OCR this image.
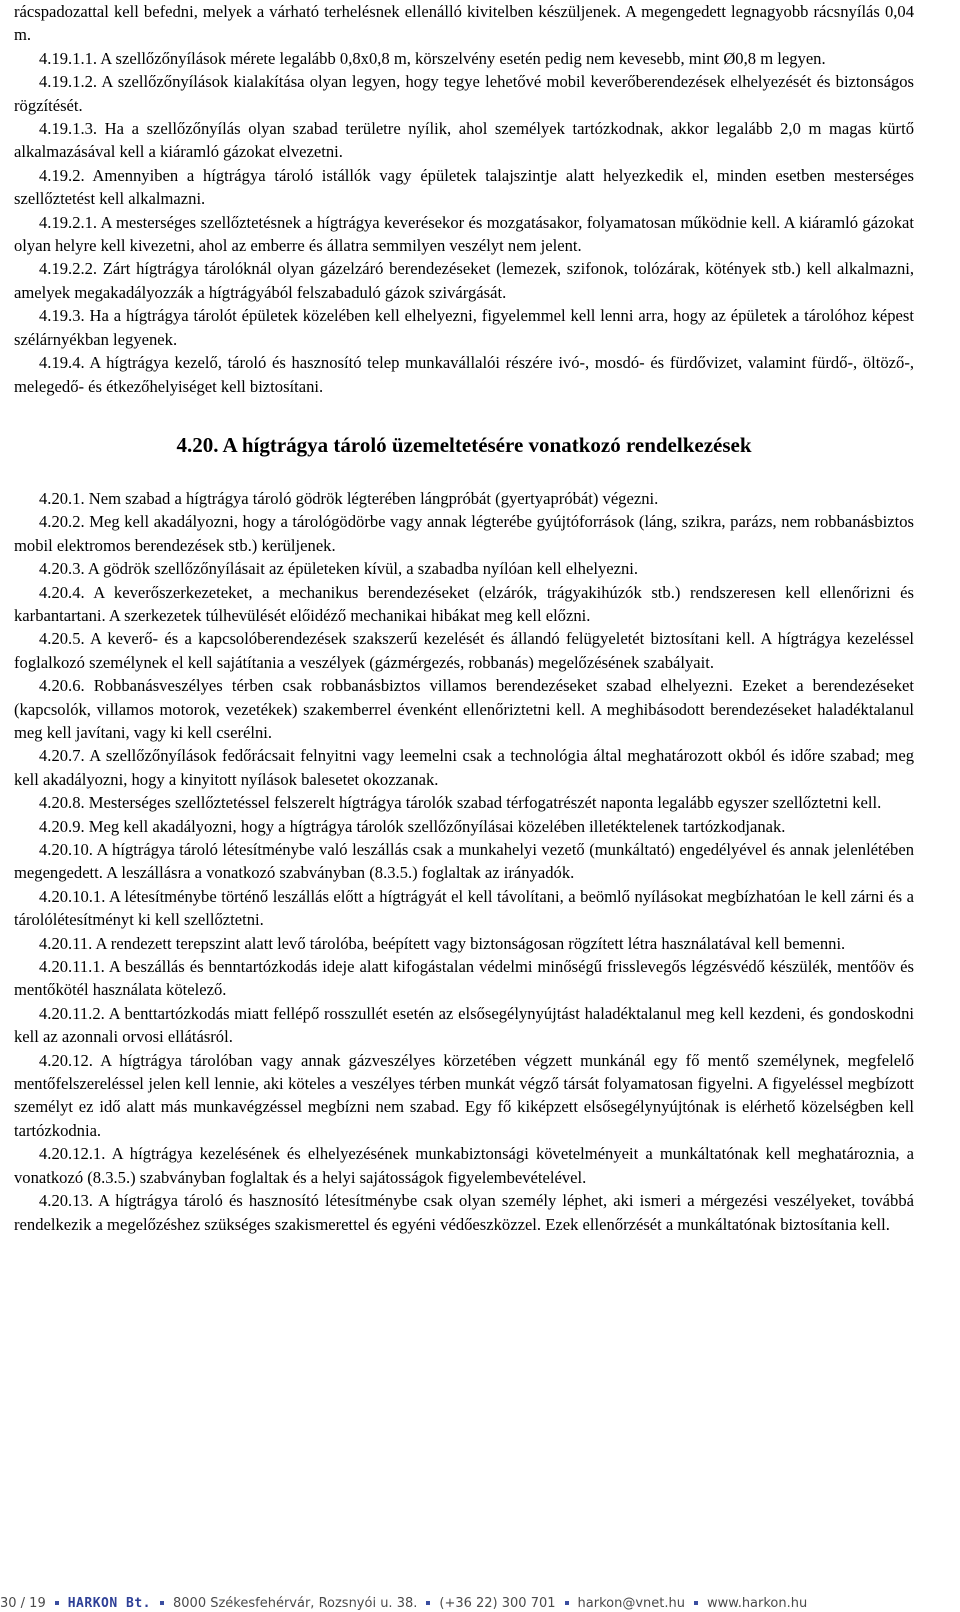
rácspadozattal kell befedni, melyek a várható terhelésnek ellenálló kivitelben készüljenek. A megengedett legnagyobb rácsnyílás 0,04 m.

4.19.1.1. A szellőzőnyílások mérete legalább 0,8x0,8 m, körszelvény esetén pedig nem kevesebb, mint Ø0,8 m legyen.

4.19.1.2. A szellőzőnyílások kialakítása olyan legyen, hogy tegye lehetővé mobil keverőberendezések elhelyezését és biztonságos rögzítését.

4.19.1.3. Ha a szellőzőnyílás olyan szabad területre nyílik, ahol személyek tartózkodnak, akkor legalább 2,0 m magas kürtő alkalmazásával kell a kiáramló gázokat elvezetni.

4.19.2. Amennyiben a hígtrágya tároló istállók vagy épületek talajszintje alatt helyezkedik el, minden esetben mesterséges szellőztetést kell alkalmazni.

4.19.2.1. A mesterséges szellőztetésnek a hígtrágya keverésekor és mozgatásakor, folyamatosan működnie kell. A kiáramló gázokat olyan helyre kell kivezetni, ahol az emberre és állatra semmilyen veszélyt nem jelent.

4.19.2.2. Zárt hígtrágya tárolóknál olyan gázelzáró berendezéseket (lemezek, szifonok, tolózárak, kötények stb.) kell alkalmazni, amelyek megakadályozzák a hígtrágyából felszabaduló gázok szivárgását.

4.19.3. Ha a hígtrágya tárolót épületek közelében kell elhelyezni, figyelemmel kell lenni arra, hogy az épületek a tárolóhoz képest szélárnyékban legyenek.

4.19.4. A hígtrágya kezelő, tároló és hasznosító telep munkavállalói részére ivó-, mosdó- és fürdővizet, valamint fürdő-, öltöző-, melegedő- és étkezőhelyiséget kell biztosítani.

4.20. A hígtrágya tároló üzemeltetésére vonatkozó rendelkezések

4.20.1. Nem szabad a hígtrágya tároló gödrök légterében lángpróbát (gyertyapróbát) végezni.

4.20.2. Meg kell akadályozni, hogy a tárológödörbe vagy annak légterébe gyújtóforrások (láng, szikra, parázs, nem robbanásbiztos mobil elektromos berendezések stb.) kerüljenek.

4.20.3. A gödrök szellőzőnyílásait az épületeken kívül, a szabadba nyílóan kell elhelyezni.

4.20.4. A keverőszerkezeteket, a mechanikus berendezéseket (elzárók, trágyakihúzók stb.) rendszeresen kell ellenőrizni és karbantartani. A szerkezetek túlhevülését előidéző mechanikai hibákat meg kell előzni.

4.20.5. A keverő- és a kapcsolóberendezések szakszerű kezelését és állandó felügyeletét biztosítani kell. A hígtrágya kezeléssel foglalkozó személynek el kell sajátítania a veszélyek (gázmérgezés, robbanás) megelőzésének szabályait.

4.20.6. Robbanásveszélyes térben csak robbanásbiztos villamos berendezéseket szabad elhelyezni. Ezeket a berendezéseket (kapcsolók, villamos motorok, vezetékek) szakemberrel évenként ellenőriztetni kell. A meghibásodott berendezéseket haladéktalanul meg kell javítani, vagy ki kell cserélni.

4.20.7. A szellőzőnyílások fedőrácsait felnyitni vagy leemelni csak a technológia által meghatározott okból és időre szabad; meg kell akadályozni, hogy a kinyitott nyílások balesetet okozzanak.

4.20.8. Mesterséges szellőztetéssel felszerelt hígtrágya tárolók szabad térfogatrészét naponta legalább egyszer szellőztetni kell.

4.20.9. Meg kell akadályozni, hogy a hígtrágya tárolók szellőzőnyílásai közelében illetéktelenek tartózkodjanak.

4.20.10. A hígtrágya tároló létesítménybe való leszállás csak a munkahelyi vezető (munkáltató) engedélyével és annak jelenlétében megengedett. A leszállásra a vonatkozó szabványban (8.3.5.) foglaltak az irányadók.

4.20.10.1. A létesítménybe történő leszállás előtt a hígtrágyát el kell távolítani, a beömlő nyílásokat megbízhatóan le kell zárni és a tárolólétesítményt ki kell szellőztetni.

4.20.11. A rendezett terepszint alatt levő tárolóba, beépített vagy biztonságosan rögzített létra használatával kell bemenni.

4.20.11.1. A beszállás és benntartózkodás ideje alatt kifogástalan védelmi minőségű frisslevegős légzésvédő készülék, mentőöv és mentőkötél használata kötelező.

4.20.11.2. A benttartózkodás miatt fellépő rosszullét esetén az elsősegélynyújtást haladéktalanul meg kell kezdeni, és gondoskodni kell az azonnali orvosi ellátásról.

4.20.12. A hígtrágya tárolóban vagy annak gázveszélyes körzetében végzett munkánál egy fő mentő személynek, megfelelő mentőfelszereléssel jelen kell lennie, aki köteles a veszélyes térben munkát végző társát folyamatosan figyelni. A figyeléssel megbízott személyt ez idő alatt más munkavégzéssel megbízni nem szabad. Egy fő kiképzett elsősegélynyújtónak is elérhető közelségben kell tartózkodnia.

4.20.12.1. A hígtrágya kezelésének és elhelyezésének munkabiztonsági követelményeit a munkáltatónak kell meghatároznia, a vonatkozó (8.3.5.) szabványban foglaltak és a helyi sajátosságok figyelembevételével.

4.20.13. A hígtrágya tároló és hasznosító létesítménybe csak olyan személy léphet, aki ismeri a mérgezési veszélyeket, továbbá rendelkezik a megelőzéshez szükséges szakismerettel és egyéni védőeszközzel. Ezek ellenőrzését a munkáltatónak biztosítania kell.

30 / 19 HARKON Bt. 8000 Székesfehérvár, Rozsnyói u. 38. (+36 22) 300 701 harkon@vnet.hu www.harkon.hu
